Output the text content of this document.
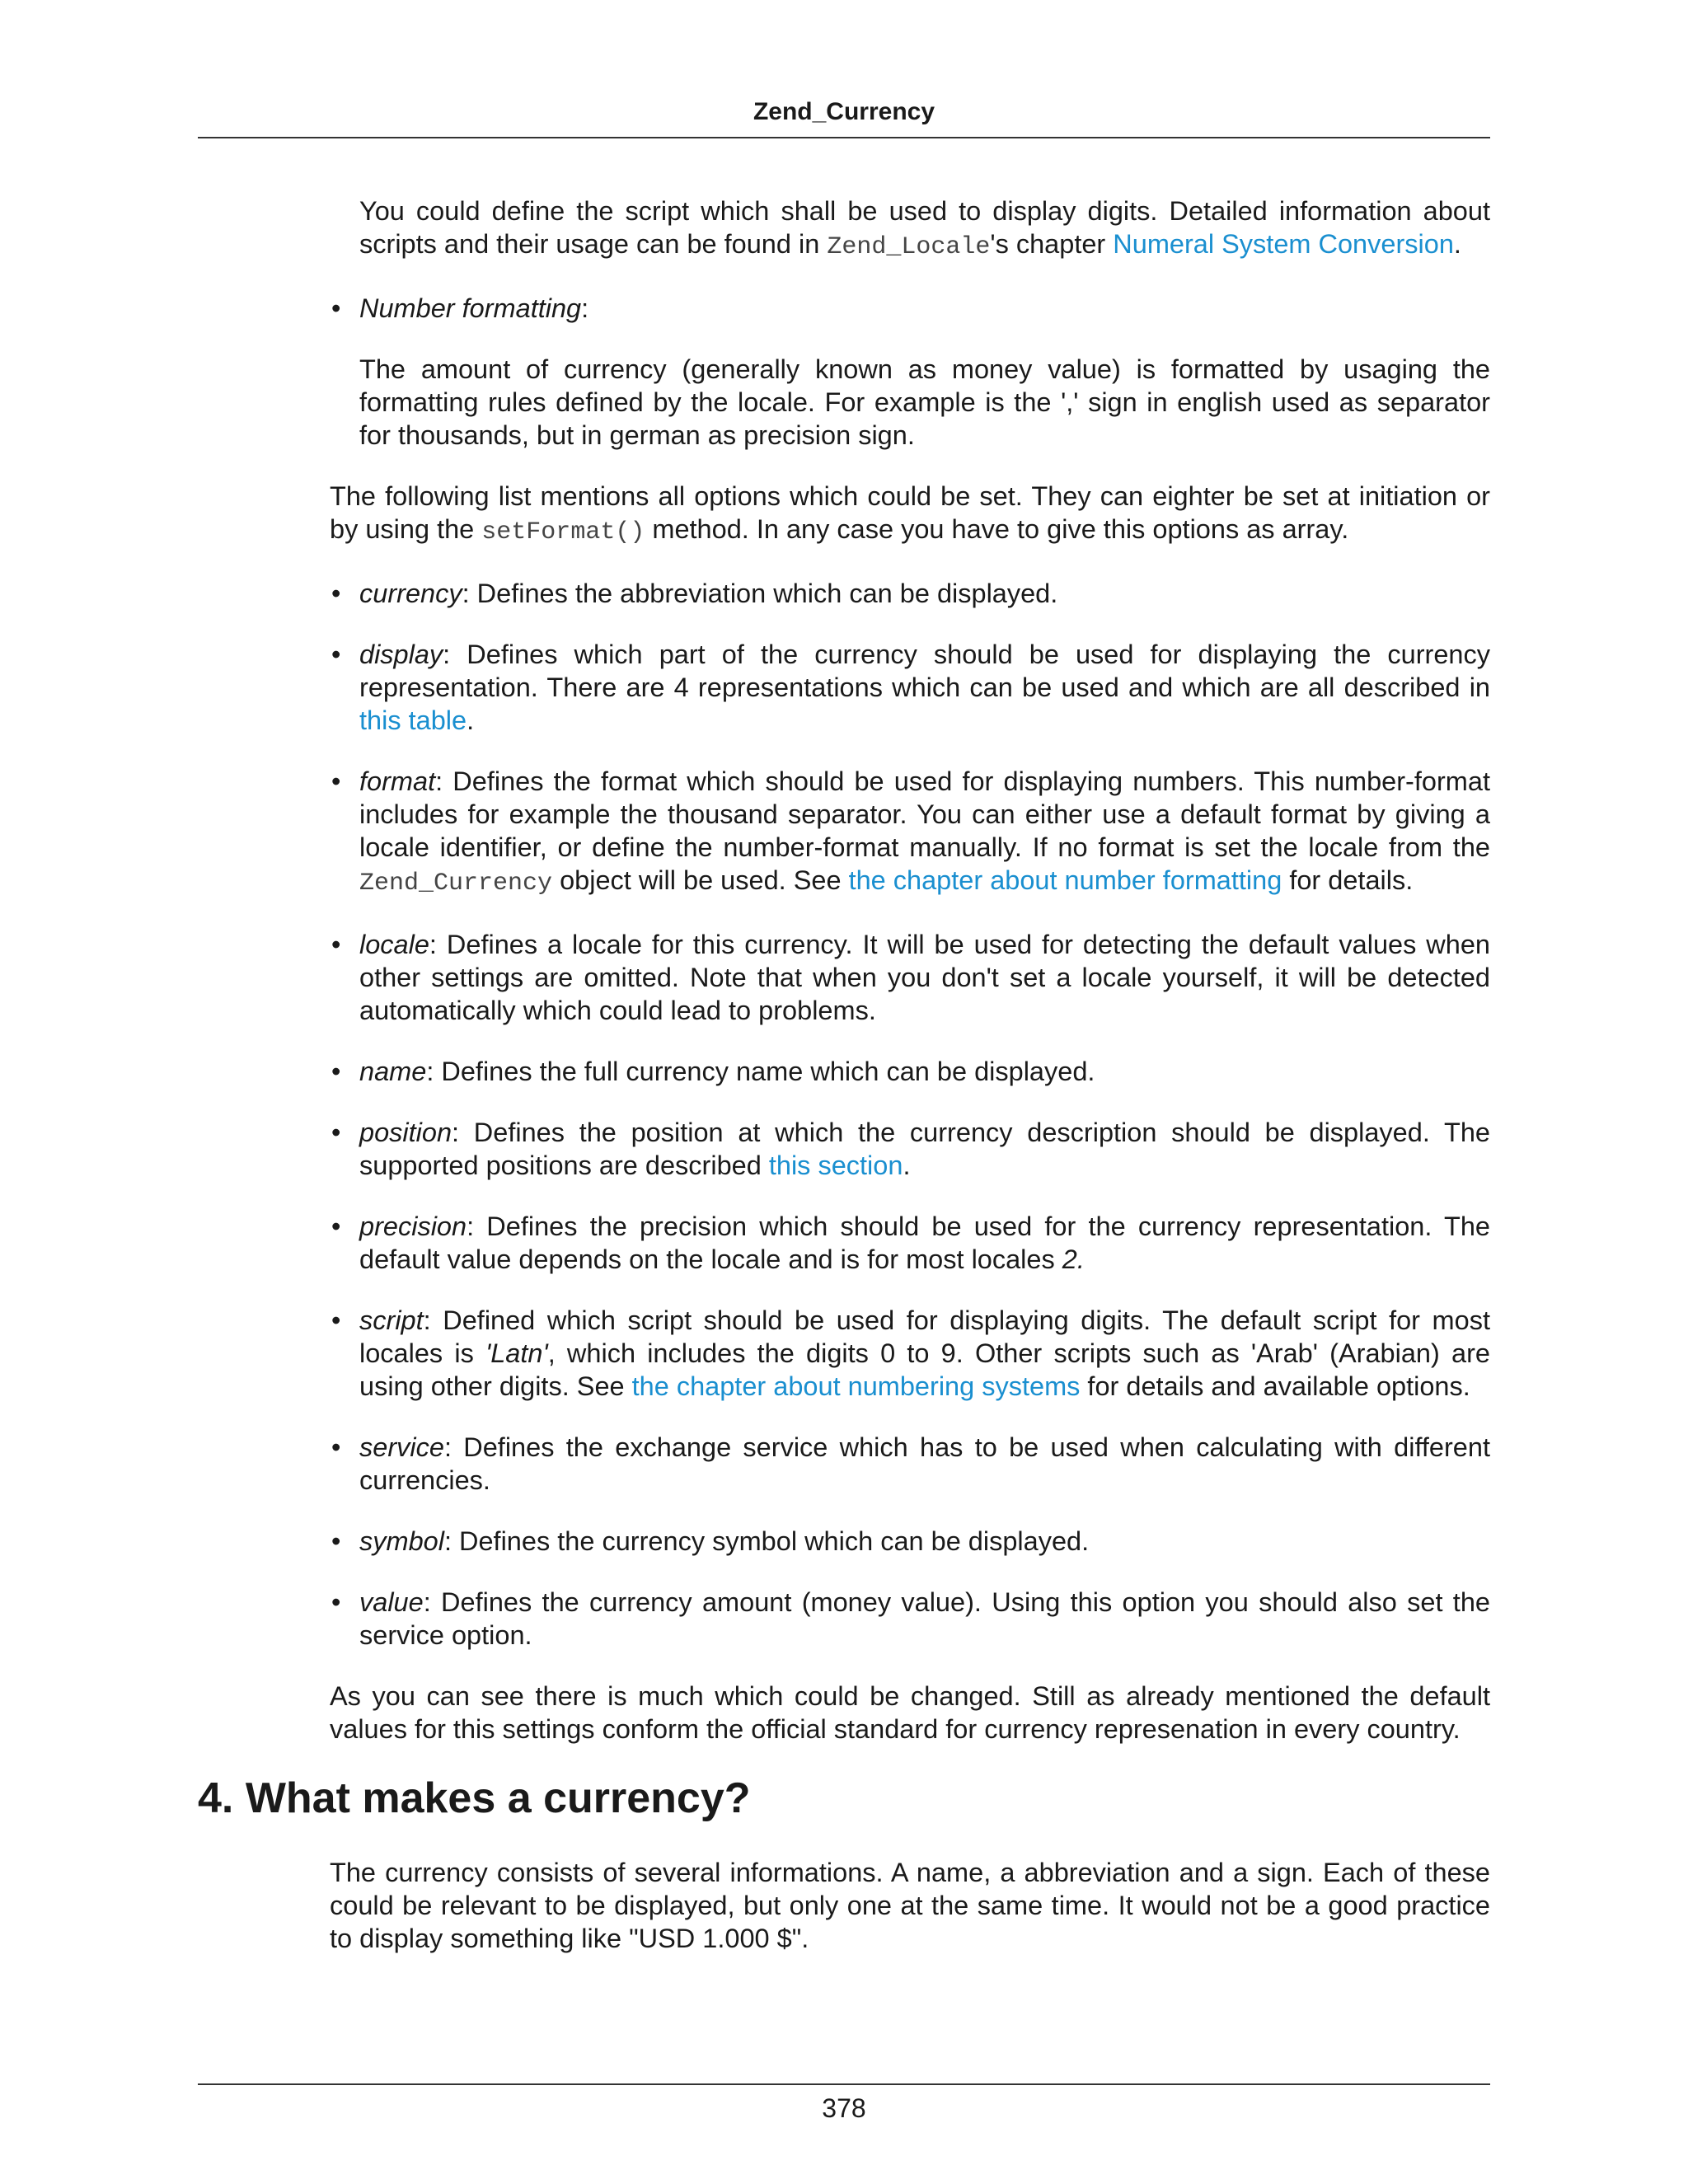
Zend_Currency

You could define the script which shall be used to display digits. Detailed information about scripts and their usage can be found in Zend_Locale's chapter Numeral System Conversion.

• Number formatting:

The amount of currency (generally known as money value) is formatted by usaging the formatting rules defined by the locale. For example is the ',' sign in english used as separator for thousands, but in german as precision sign.

The following list mentions all options which could be set. They can eighter be set at initiation or by using the setFormat() method. In any case you have to give this options as array.

• currency: Defines the abbreviation which can be displayed.
• display: Defines which part of the currency should be used for displaying the currency representation. There are 4 representations which can be used and which are all described in this table.
• format: Defines the format which should be used for displaying numbers. This number-format includes for example the thousand separator. You can either use a default format by giving a locale identifier, or define the number-format manually. If no format is set the locale from the Zend_Currency object will be used. See the chapter about number formatting for details.
• locale: Defines a locale for this currency. It will be used for detecting the default values when other settings are omitted. Note that when you don't set a locale yourself, it will be detected automatically which could lead to problems.
• name: Defines the full currency name which can be displayed.
• position: Defines the position at which the currency description should be displayed. The supported positions are described this section.
• precision: Defines the precision which should be used for the currency representation. The default value depends on the locale and is for most locales 2.
• script: Defined which script should be used for displaying digits. The default script for most locales is 'Latn', which includes the digits 0 to 9. Other scripts such as 'Arab' (Arabian) are using other digits. See the chapter about numbering systems for details and available options.
• service: Defines the exchange service which has to be used when calculating with different currencies.
• symbol: Defines the currency symbol which can be displayed.
• value: Defines the currency amount (money value). Using this option you should also set the service option.

As you can see there is much which could be changed. Still as already mentioned the default values for this settings conform the official standard for currency represenation in every country.

4. What makes a currency?

The currency consists of several informations. A name, a abbreviation and a sign. Each of these could be relevant to be displayed, but only one at the same time. It would not be a good practice to display something like "USD 1.000 $".

378
